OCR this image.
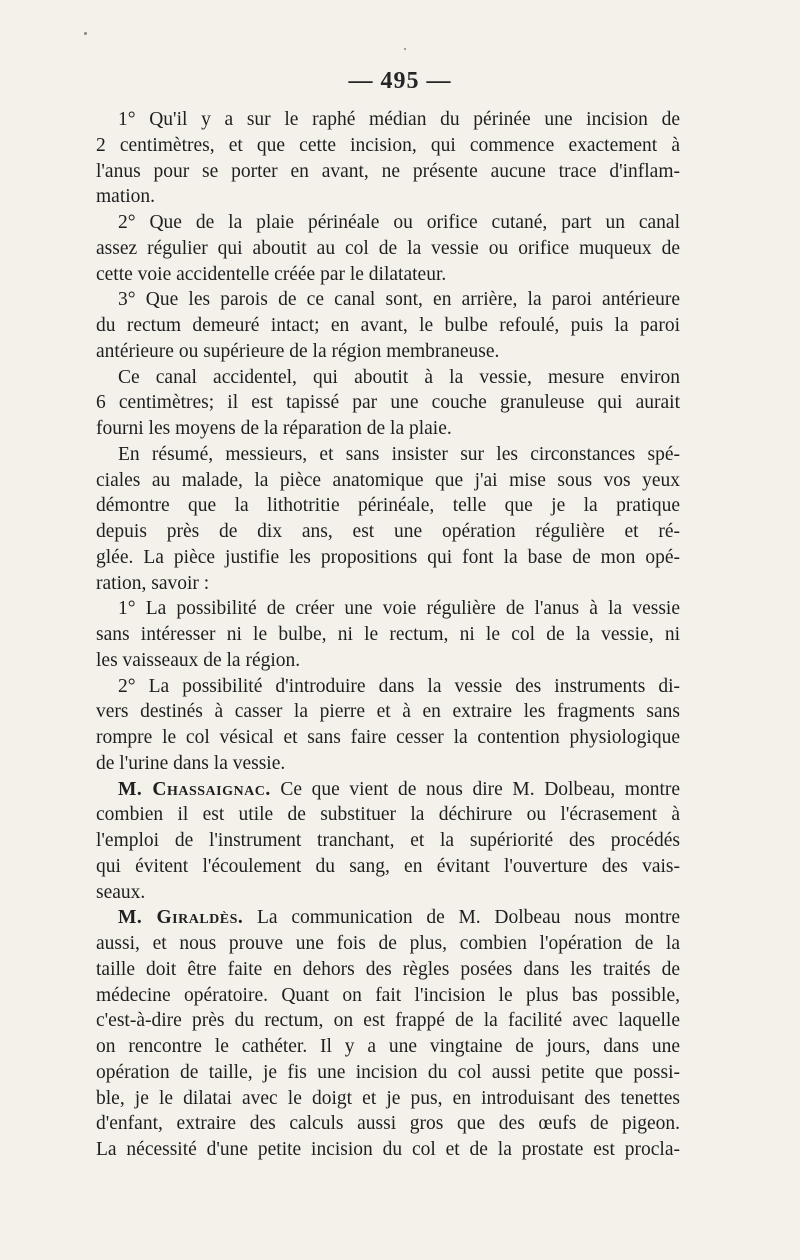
— 495 —
1° Qu'il y a sur le raphé médian du périnée une incision de
2 centimètres, et que cette incision, qui commence exactement à
l'anus pour se porter en avant, ne présente aucune trace d'inflam-
mation.
2° Que de la plaie périnéale ou orifice cutané, part un canal
assez régulier qui aboutit au col de la vessie ou orifice muqueux de
cette voie accidentelle créée par le dilatateur.
3° Que les parois de ce canal sont, en arrière, la paroi antérieure
du rectum demeuré intact; en avant, le bulbe refoulé, puis la paroi
antérieure ou supérieure de la région membraneuse.
Ce canal accidentel, qui aboutit à la vessie, mesure environ
6 centimètres; il est tapissé par une couche granuleuse qui aurait
fourni les moyens de la réparation de la plaie.
En résumé, messieurs, et sans insister sur les circonstances spé-
ciales au malade, la pièce anatomique que j'ai mise sous vos yeux
démontre que la lithotritie périnéale, telle que je la pratique
depuis près de dix ans, est une opération régulière et ré-
glée. La pièce justifie les propositions qui font la base de mon opé-
ration, savoir :
1° La possibilité de créer une voie régulière de l'anus à la vessie
sans intéresser ni le bulbe, ni le rectum, ni le col de la vessie, ni
les vaisseaux de la région.
2° La possibilité d'introduire dans la vessie des instruments di-
vers destinés à casser la pierre et à en extraire les fragments sans
rompre le col vésical et sans faire cesser la contention physiologique
de l'urine dans la vessie.
M. Chassaignac. Ce que vient de nous dire M. Dolbeau, montre
combien il est utile de substituer la déchirure ou l'écrasement à
l'emploi de l'instrument tranchant, et la supériorité des procédés
qui évitent l'écoulement du sang, en évitant l'ouverture des vais-
seaux.
M. Giraldès. La communication de M. Dolbeau nous montre
aussi, et nous prouve une fois de plus, combien l'opération de la
taille doit être faite en dehors des règles posées dans les traités de
médecine opératoire. Quant on fait l'incision le plus bas possible,
c'est-à-dire près du rectum, on est frappé de la facilité avec laquelle
on rencontre le cathéter. Il y a une vingtaine de jours, dans une
opération de taille, je fis une incision du col aussi petite que possi-
ble, je le dilatai avec le doigt et je pus, en introduisant des tenettes
d'enfant, extraire des calculs aussi gros que des œufs de pigeon.
La nécessité d'une petite incision du col et de la prostate est procla-
